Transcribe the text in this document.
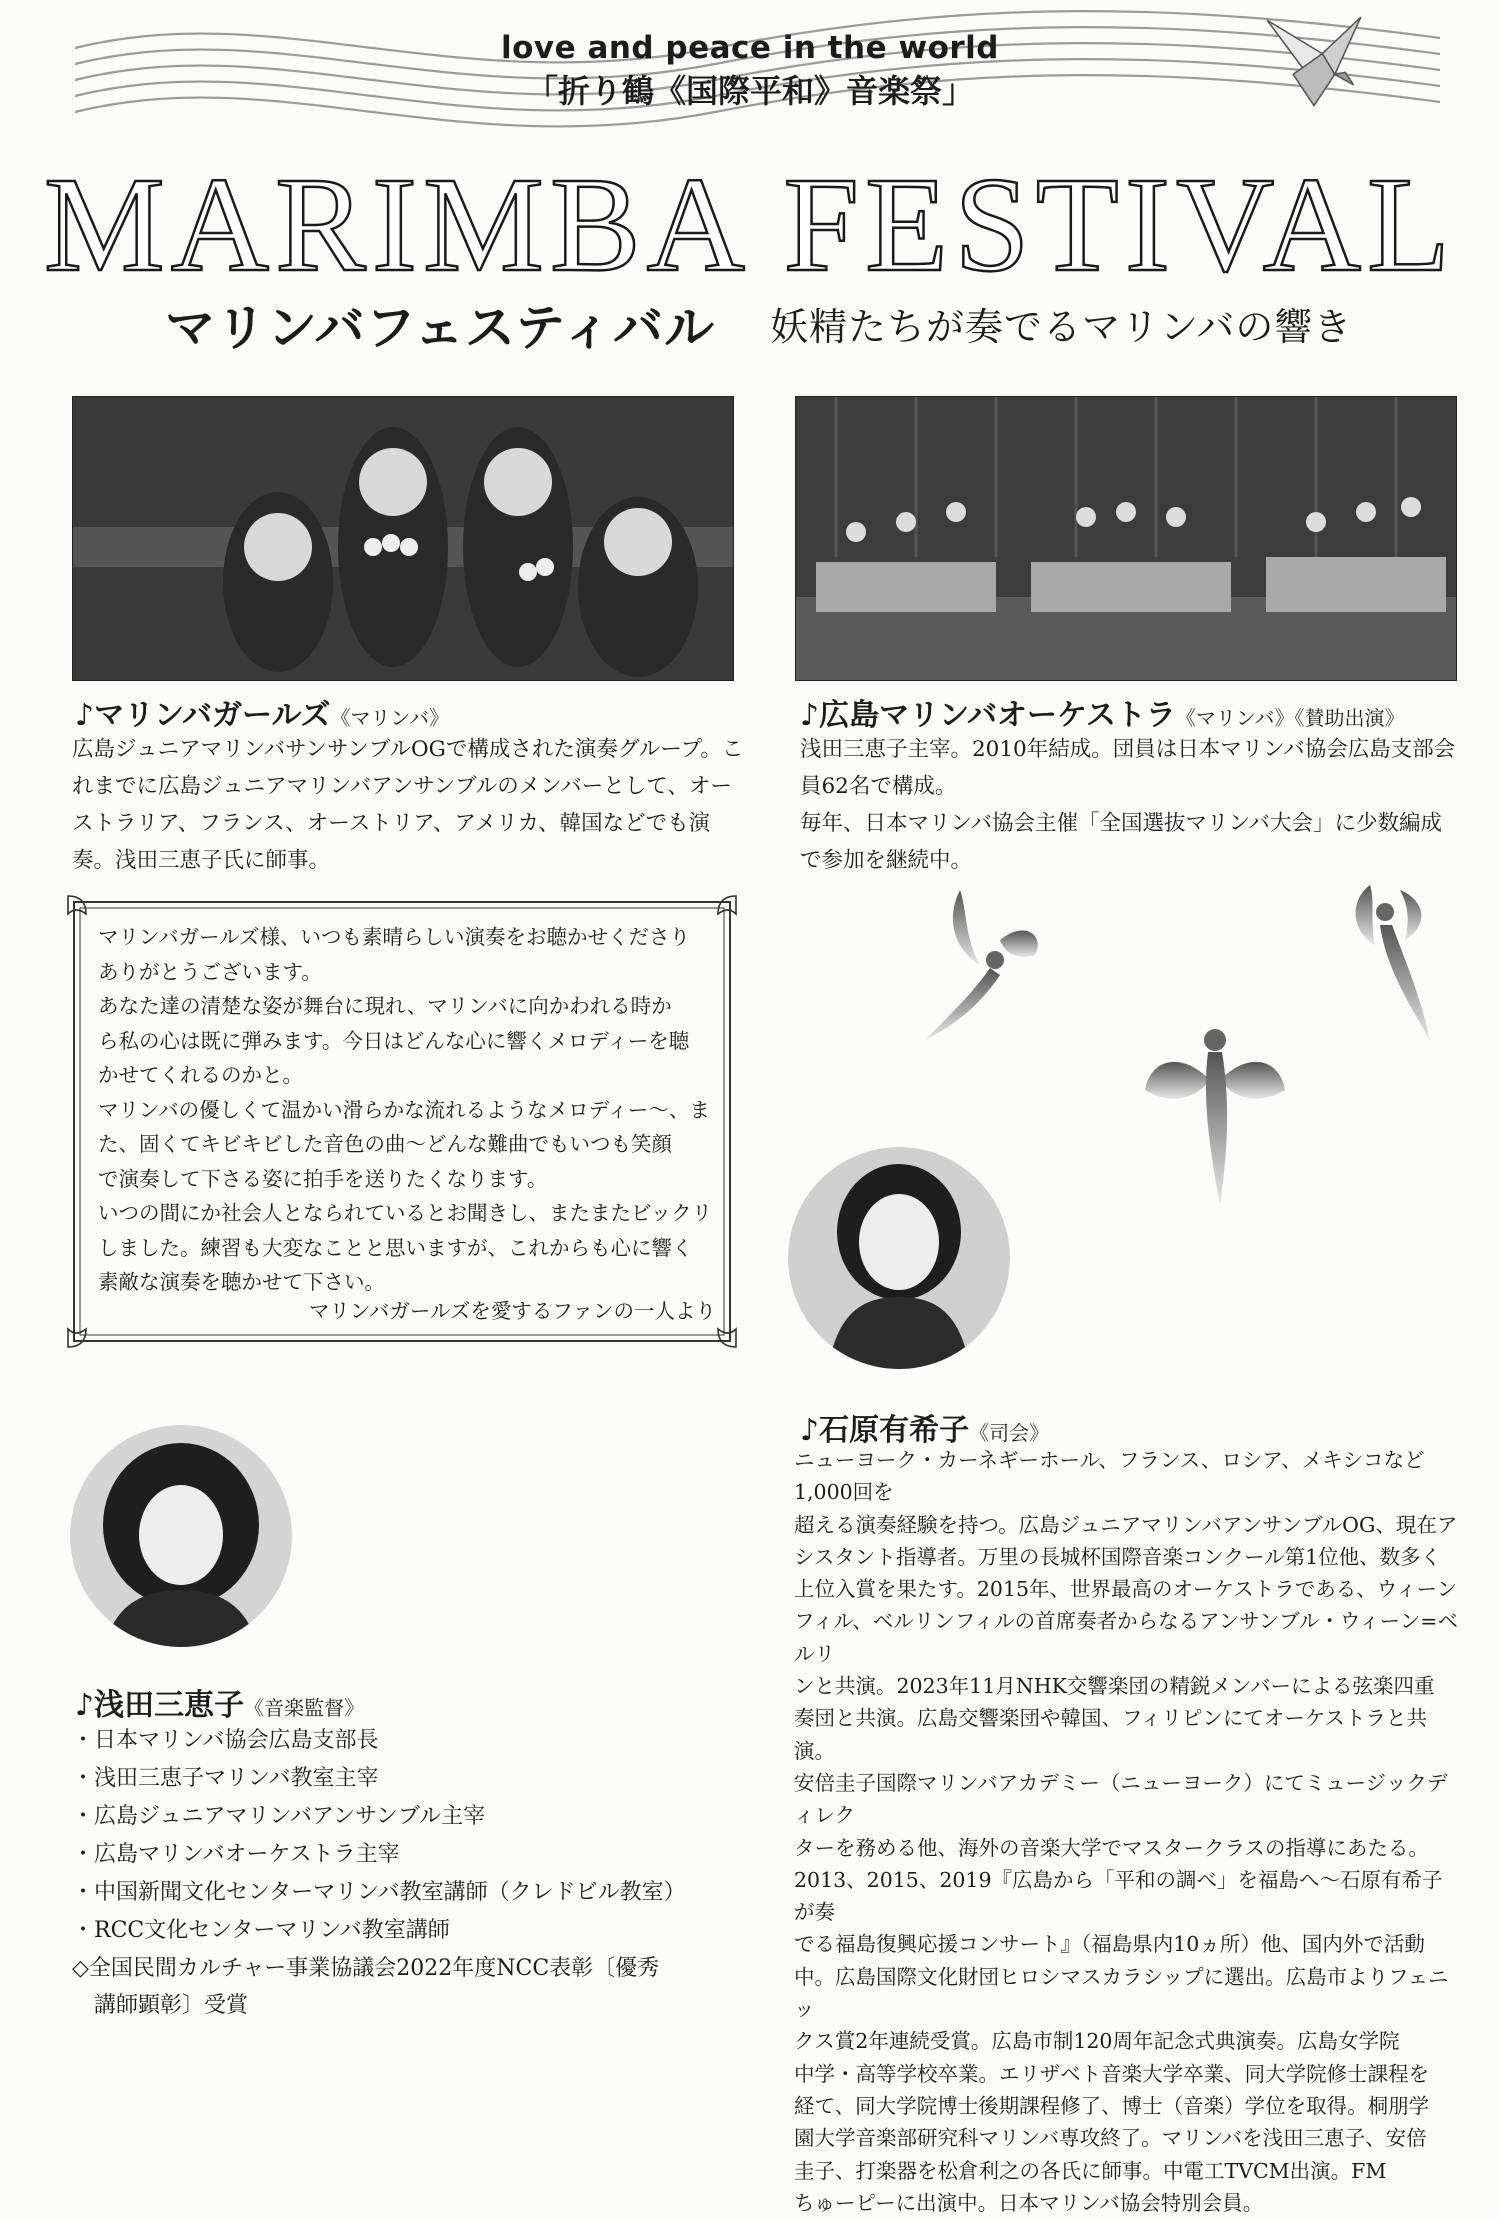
love and peace in the world
「折り鶴《国際平和》音楽祭」
MARIMBA FESTIVAL
マリンバフェスティバル 妖精たちが奏でるマリンバの響き
♪マリンバガールズ《マリンバ》
広島ジュニアマリンバサンサンブルOGで構成された演奏グループ。これまでに広島ジュニアマリンバアンサンブルのメンバーとして、オーストラリア、フランス、オーストリア、アメリカ、韓国などでも演奏。浅田三恵子氏に師事。
♪広島マリンバオーケストラ《マリンバ》《賛助出演》
浅田三恵子主宰。2010年結成。団員は日本マリンバ協会広島支部会員62名で構成。
毎年、日本マリンバ協会主催「全国選抜マリンバ大会」に少数編成で参加を継続中。
マリンバガールズ様、いつも素晴らしい演奏をお聴かせくださり
ありがとうございます。
あなた達の清楚な姿が舞台に現れ、マリンバに向かわれる時か
ら私の心は既に弾みます。今日はどんな心に響くメロディーを聴
かせてくれるのかと。
マリンバの優しくて温かい滑らかな流れるようなメロディー～、ま
た、固くてキビキビした音色の曲～どんな難曲でもいつも笑顔
で演奏して下さる姿に拍手を送りたくなります。
いつの間にか社会人となられているとお聞きし、またまたビックリ
しました。練習も大変なことと思いますが、これからも心に響く
素敵な演奏を聴かせて下さい。
マリンバガールズを愛するファンの一人より
♪石原有希子《司会》
ニューヨーク・カーネギーホール、フランス、ロシア、メキシコなど1,000回を
超える演奏経験を持つ。広島ジュニアマリンバアンサンブルOG、現在ア
シスタント指導者。万里の長城杯国際音楽コンクール第1位他、数多く
上位入賞を果たす。2015年、世界最高のオーケストラである、ウィーン
フィル、ベルリンフィルの首席奏者からなるアンサンブル・ウィーン=ベルリ
ンと共演。2023年11月NHK交響楽団の精鋭メンバーによる弦楽四重
奏団と共演。広島交響楽団や韓国、フィリピンにてオーケストラと共演。
安倍圭子国際マリンバアカデミー（ニューヨーク）にてミュージックディレク
ターを務める他、海外の音楽大学でマスタークラスの指導にあたる。
2013、2015、2019『広島から「平和の調べ」を福島へ～石原有希子が奏
でる福島復興応援コンサート』（福島県内10ヵ所）他、国内外で活動
中。広島国際文化財団ヒロシマスカラシップに選出。広島市よりフェニッ
クス賞2年連続受賞。広島市制120周年記念式典演奏。広島女学院
中学・高等学校卒業。エリザベト音楽大学卒業、同大学院修士課程を
経て、同大学院博士後期課程修了、博士（音楽）学位を取得。桐朋学
園大学音楽部研究科マリンバ専攻終了。マリンバを浅田三恵子、安倍
圭子、打楽器を松倉利之の各氏に師事。中電工TVCM出演。FM
ちゅーピーに出演中。日本マリンバ協会特別会員。
♪浅田三恵子《音楽監督》
・日本マリンバ協会広島支部長
・浅田三恵子マリンバ教室主宰
・広島ジュニアマリンバアンサンブル主宰
・広島マリンバオーケストラ主宰
・中国新聞文化センターマリンバ教室講師（クレドビル教室）
・RCC文化センターマリンバ教室講師
◇全国民間カルチャー事業協議会2022年度NCC表彰〔優秀
講師顕彰〕受賞
